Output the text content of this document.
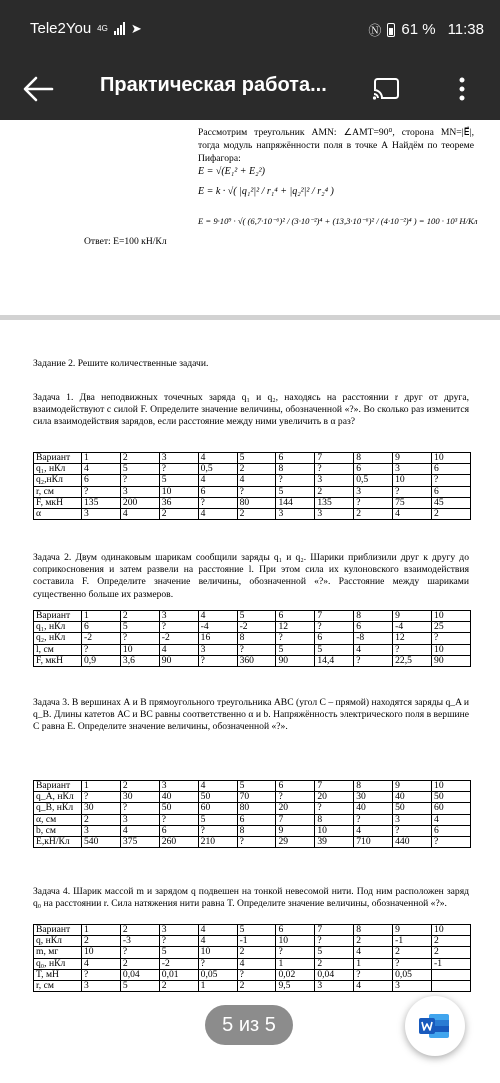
Tele2You 4G ➤	Ⓝ 61 % 11:38
Практическая работа...
Рассмотрим треугольник AMN: ∠AMT=90⁰, сторона MN=|E⃗|, тогда модуль напряжённости поля в точке А Найдём по теореме Пифагора:
E = √(E₁² + E₂²)
E = k · √( |q₁²|² / r₁⁴ + |q₂²|² / r₂⁴ )
E = 9·10⁹ · √( (6,7·10⁻⁶)² / (3·10⁻²)⁴ + (13,3·10⁻⁶)² / (4·10⁻²)⁴ ) = 100 · 10³ Н/Кл
Ответ: Е=100 кН/Кл
Задание 2. Решите количественные задачи.
Задача 1. Два неподвижных точечных заряда q₁ и q₂, находясь на расстоянии r друг от друга, взаимодействуют с силой F. Определите значение величины, обозначенной «?». Во сколько раз изменится сила взаимодействия зарядов, если расстояние между ними увеличить в α раз?
Вариант	1	2	3	4	5	6	7	8	9	10
q₁, нКл	4	5	?	0,5	2	8	?	6	3	6
q₂,нКл	6	?	5	4	4	?	3	0,5	10	?
r, см	?	3	10	6	?	5	2	3	?	6
F, мкН	135	200	36	?	80	144	135	?	75	45
α	3	4	2	4	2	3	3	2	4	2
Задача 2. Двум одинаковым шарикам сообщили заряды q₁ и q₂. Шарики приблизили друг к другу до соприкосновения и затем развели на расстояние l. При этом сила их кулоновского взаимодействия составила F. Определите значение величины, обозначенной «?». Расстояние между шариками существенно больше их размеров.
Вариант	1	2	3	4	5	6	7	8	9	10
q₁, нКл	6	5	?	-4	-2	12	?	6	-4	25
q₂, нКл	-2	?	-2	16	8	?	6	-8	12	?
l, см	?	10	4	3	?	5	5	4	?	10
F, мкН	0,9	3,6	90	?	360	90	14,4	?	22,5	90
Задача 3. В вершинах А и В прямоугольного треугольника АВС (угол С – прямой) находятся заряды q_A и q_B. Длины катетов АС и ВС равны соответственно α и b. Напряжённость электрического поля в вершине С равна Е. Определите значение величины, обозначенной «?».
Вариант	1	2	3	4	5	6	7	8	9	10
q_A, нКл	?	30	40	50	70	?	20	30	40	50
q_B, нКл	30	?	50	60	80	20	?	40	50	60
α, см	2	3	?	5	6	7	8	?	3	4
b, см	3	4	6	?	8	9	10	4	?	6
E,кН/Кл	540	375	260	210	?	29	39	710	440	?
Задача 4. Шарик массой m и зарядом q подвешен на тонкой невесомой нити. Под ним расположен заряд q₀ на расстоянии r. Сила натяжения нити равна T. Определите значение величины, обозначенной «?».
Вариант	1	2	3	4	5	6	7	8	9	10
q, нКл	2	-3	?	4	-1	10	?	2	-1	2
m, мг	10	?	5	10	2	?	5	4	2	2
q₀, нКл	4	2	-2	?	4	1	2	1	?	-1
T, мН	?	0,04	0,01	0,05	?	0,02	0,04	?	0,05	
r, см	3	5	2	1	2	9,5	3	4	3	
5 из 5
